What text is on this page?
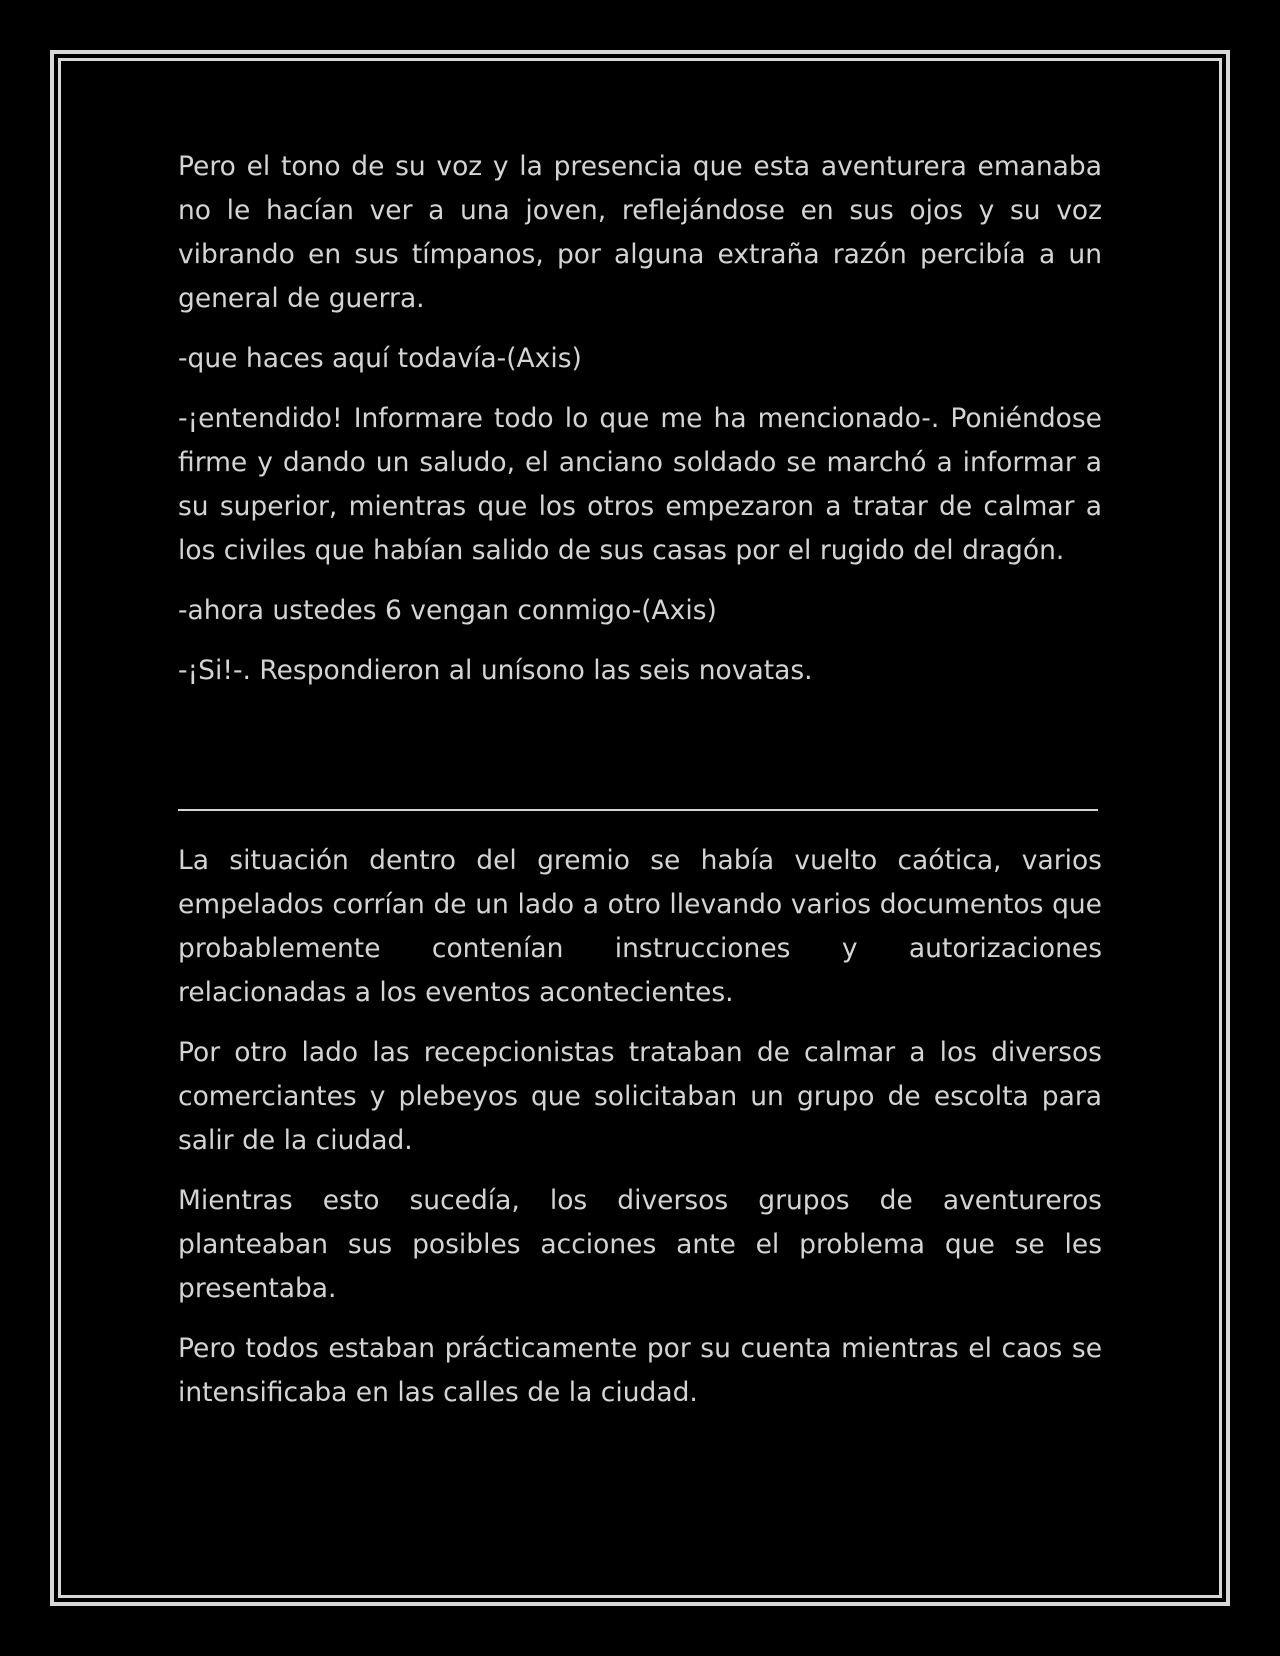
Pero el tono de su voz y la presencia que esta aventurera emanaba no le hacían ver a una joven, reflejándose en sus ojos y su voz vibrando en sus tímpanos, por alguna extraña razón percibía a un general de guerra.

-que haces aquí todavía-(Axis)

-¡entendido! Informare todo lo que me ha mencionado-. Poniéndose firme y dando un saludo, el anciano soldado se marchó a informar a su superior, mientras que los otros empezaron a tratar de calmar a los civiles que habían salido de sus casas por el rugido del dragón.

-ahora ustedes 6 vengan conmigo-(Axis)

-¡Si!-. Respondieron al unísono las seis novatas.

La situación dentro del gremio se había vuelto caótica, varios empelados corrían de un lado a otro llevando varios documentos que probablemente contenían instrucciones y autorizaciones relacionadas a los eventos acontecientes.

Por otro lado las recepcionistas trataban de calmar a los diversos comerciantes y plebeyos que solicitaban un grupo de escolta para salir de la ciudad.

Mientras esto sucedía, los diversos grupos de aventureros planteaban sus posibles acciones ante el problema que se les presentaba.

Pero todos estaban prácticamente por su cuenta mientras el caos se intensificaba en las calles de la ciudad.
